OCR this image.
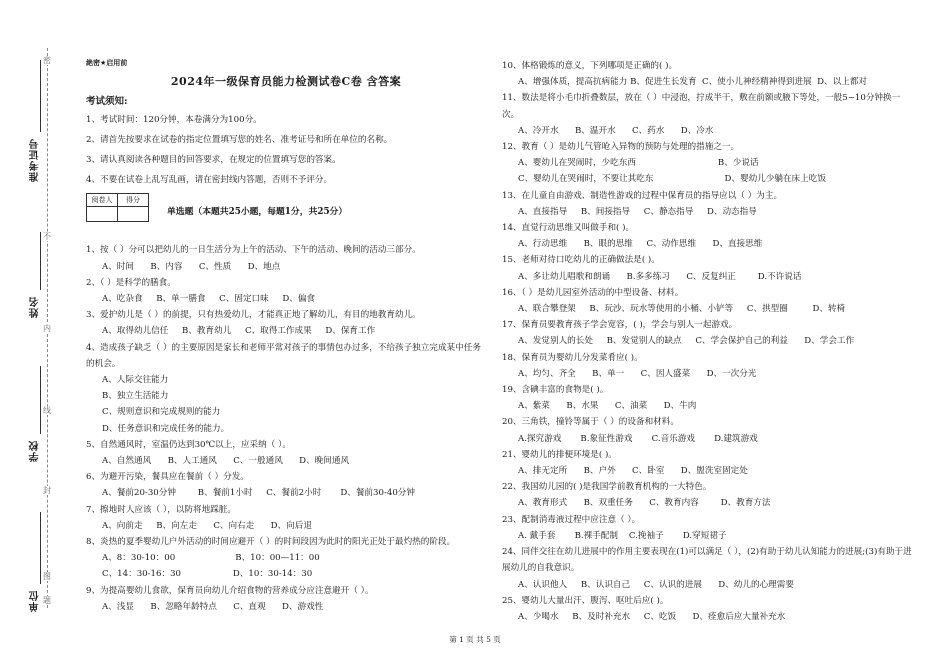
密
不
内
线
封
图
题
准考证号
姓名
学校
单位
絶密★启用前
2024年一级保育员能力检测试卷C卷 含答案
考试须知:

1、考试时间：120分钟，本卷满分为100分。

2、请首先按要求在试卷的指定位置填写您的姓名、准考证号和所在单位的名称。

3、请认真阅读各种题目的回答要求，在规定的位置填写您的答案。

4、不要在试卷上乱写乱画，请在密封线内答题，否则不予评分。

阅卷人	得分

单选题（本题共25小题，每题1分，共25分）
1、按（ ）分可以把幼儿的一日生活分为上午的活动、下午的活动、晚间的活动三部分。
A、时间      B、内容      C、性质      D、地点
2、（ ）是科学的膳食。
A、吃杂食     B、单一膳食     C、固定口味     D、偏食
3、爱护幼儿是（ ）的前提，只有热爱幼儿，才能真正地了解幼儿，有目的地教育幼儿。
A、取得幼儿信任     B、教育幼儿     C、取得工作成果     D、保育工作
4、造成孩子缺乏（ ）的主要原因是家长和老师平常对孩子的事情包办过多，不给孩子独立完成某中任务的机会。
A、人际交往能力
B、独立生活能力
C、规则意识和完成规则的能力
D、任务意识和完成任务的能力。
5、自然通风时，室温仍达到30℃以上，应采纳（ ）。
A、自然通风      B、人工通风      C、一般通风      D、晚间通风
6、为避开污染，餐具应在餐前（ ）分发。
A、餐前20-30分钟        B、餐前1小时     C、餐前2小时       D、餐前30-40分钟
7、擦地时人应该（ ），以防将地踩脏。
A、向前走     B、向左走      C、向右走      D、向后退
8、炎热的夏季婴幼儿户外活动的时间应避开（ ）的时间段因为此时的阳光正处于最灼热的阶段。
A、8：30-10：00                      B、10：00—11：00
C、14：30-16：30                   D、10：30-14：30
9、为提高婴幼儿食欲，保育员向幼儿介绍食物的营养成分应注意避开（ ）。
A、浅显      B、忽略年龄特点      C、直观      D、游戏性
10、体格锻炼的意义，下列哪项是正确的( )。
A、增强体质，提高抗病能力 B、促进生长发育  C、使小儿神经精神得到进展  D、以上都对
11、数法是将小毛巾折叠数层，放在（ ）中浸泡，拧成半干，敷在前额或腋下等处，一般5~10分钟换一次。
A、冷开水      B、温开水      C、药水      D、冷水
12、教育（ ）是幼儿气管呛入异物的预防与处理的措施之一。
A、婴幼儿在哭闹时，少吃东西                              B、少说话
C、婴幼儿在哭闹时，不要让其吃东                          D、婴幼儿少躺在床上吃饭
13、在儿童自由游戏、制造性游戏的过程中保育员的指导应以（ ）为主。
A、直接指导     B、间接指导     C、静态指导     D、动态指导
14、直觉行动思维又叫做手和( )。
A、行动思维      B、眼的思维     C、动作思维      D、直接思维
15、老师对待口吃幼儿的正确做法是( )。
A、多让幼儿唱歌和朗诵      B.多多练习      C、反复纠正        D.不许说话
16、（ ）是幼儿园室外活动的中型设备、材料。
A、联合攀登架     B、玩沙、玩水等使用的小桶、小铲等     C、拱型圈         D、转椅
17、保育员要教育孩子学会宽容，( )，学会与别人一起游戏。
A、发觉别人的长处     B、发觉别人的缺点     C、学会保护自己的利益      D、学会工作
18、保育员为婴幼儿分发菜肴应( )。
A、均匀、齐全      B、单一      C、因人盛菜      D、一次分光
19、含碘丰富的食物是( )。
A、紫菜      B、水果      C、油菜      D、牛肉
20、三角铁，撞铃等属于（ ）的设备和材料。
A.探究游戏       B.象征性游戏       C.音乐游戏       D.建筑游戏
21、婴幼儿的排便环境是( )。
A、排无定所      B、户外      C、卧室      D、盥洗室固定处
22、我国幼儿园的( )是我国学前教育机构的一大特色。
A、教育形式      B、双重任务      C、教育内容        D、教育方法
23、配制消毒液过程中应注意（ ）。
A. 戴手套       B.裸手配制    C.挽袖子       D.穿短裙子
24、同伴交往在幼儿进展中的作用主要表现在(1)可以满足（ ），(2)有助于幼儿认知能力的进展;(3)有助于进展幼儿的自我意识。
A、认识他人     B、认识自己     C、认识的进展      D、幼儿的心理需要
25、婴幼儿大量出汗、腹泻、呕吐后应( )。
A、少喝水     B、及时补充水     C、吃饭      D、痊愈后应大量补充水
第 1 页 共 5 页
